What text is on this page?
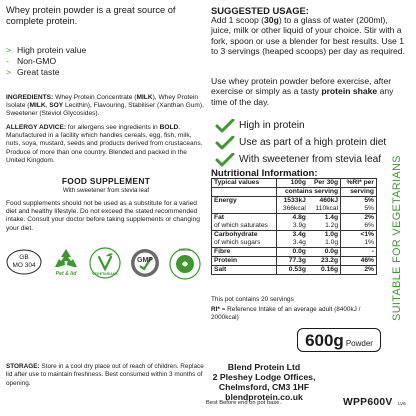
Whey protein powder is a great source of complete protein.
> High protein value
- Non-GMO
> Great taste
INGREDIENTS: Whey Protein Concentrate (MILK), Whey Protein Isolate (MILK, SOY Lecithin), Flavouring, Stabiliser (Xanthan Gum), Sweetener (Steviol Glycosides).
ALLERGY ADVICE: for allergens see ingredients in BOLD. Manufactured in a facility which handles cereals, egg, fish, milk, nuts, soya, mustard, seeds and products derived from crustaceans. Produce of more than one country. Blended and packed in the United Kingdom.
FOOD SUPPLEMENT
With sweetener from stevia leaf
Food supplements should not be used as a substitute for a varied diet and healthy lifestyle. Do not exceed the stated recommended intake. Consult your doctor before taking supplements or changing your diet.
GB
MO 304
Pet & lid	VEGETARIANS
GMP
HALAL
STORAGE: Store in a cool dry place out of reach of children. Replace lid after use to maintain freshness. Best consumed within 3 months of opening.
SUGGESTED USAGE:
Add 1 scoop (30g) to a glass of water (200ml), juice, milk or other liquid of your choice. Stir with a fork, spoon or use a blender for best results. Use 1 to 3 servings (heaped scoops) per day as required.
Use whey protein powder before exercise, after exercise or simply as a tasty protein shake any time of the day.
High in protein
Use as part of a high protein diet
With sweetener from stevia leaf
Nutritional Information:
Typical values	100g	Per 30g	%RI* per
	contains serving		serving
Energy	1533kJ	460kJ	5%
	366kcal	110kcal	5%
Fat	4.8g	1.4g	2%
of which saturates	3.9g	1.2g	6%
Carbohydrate	3.4g	1.0g	<1%
of which sugars	3.4g	1.0g	1%
Fibre	0.0g	0.0g	-
Protein	77.3g	23.2g	46%
Salt	0.53g	0.16g	2% SUITABLE FOR VEGETARIANS
This pot contains 20 servings
RI* = Reference Intake of an average adult (8400kJ / 2000kcal)
600g Powder
Blend Protein Ltd
2 Pleshey Lodge Offices,
Chelmsford, CM3 1HF
blendprotein.co.uk
Best Before end on pot base.	WPP600V LV6
